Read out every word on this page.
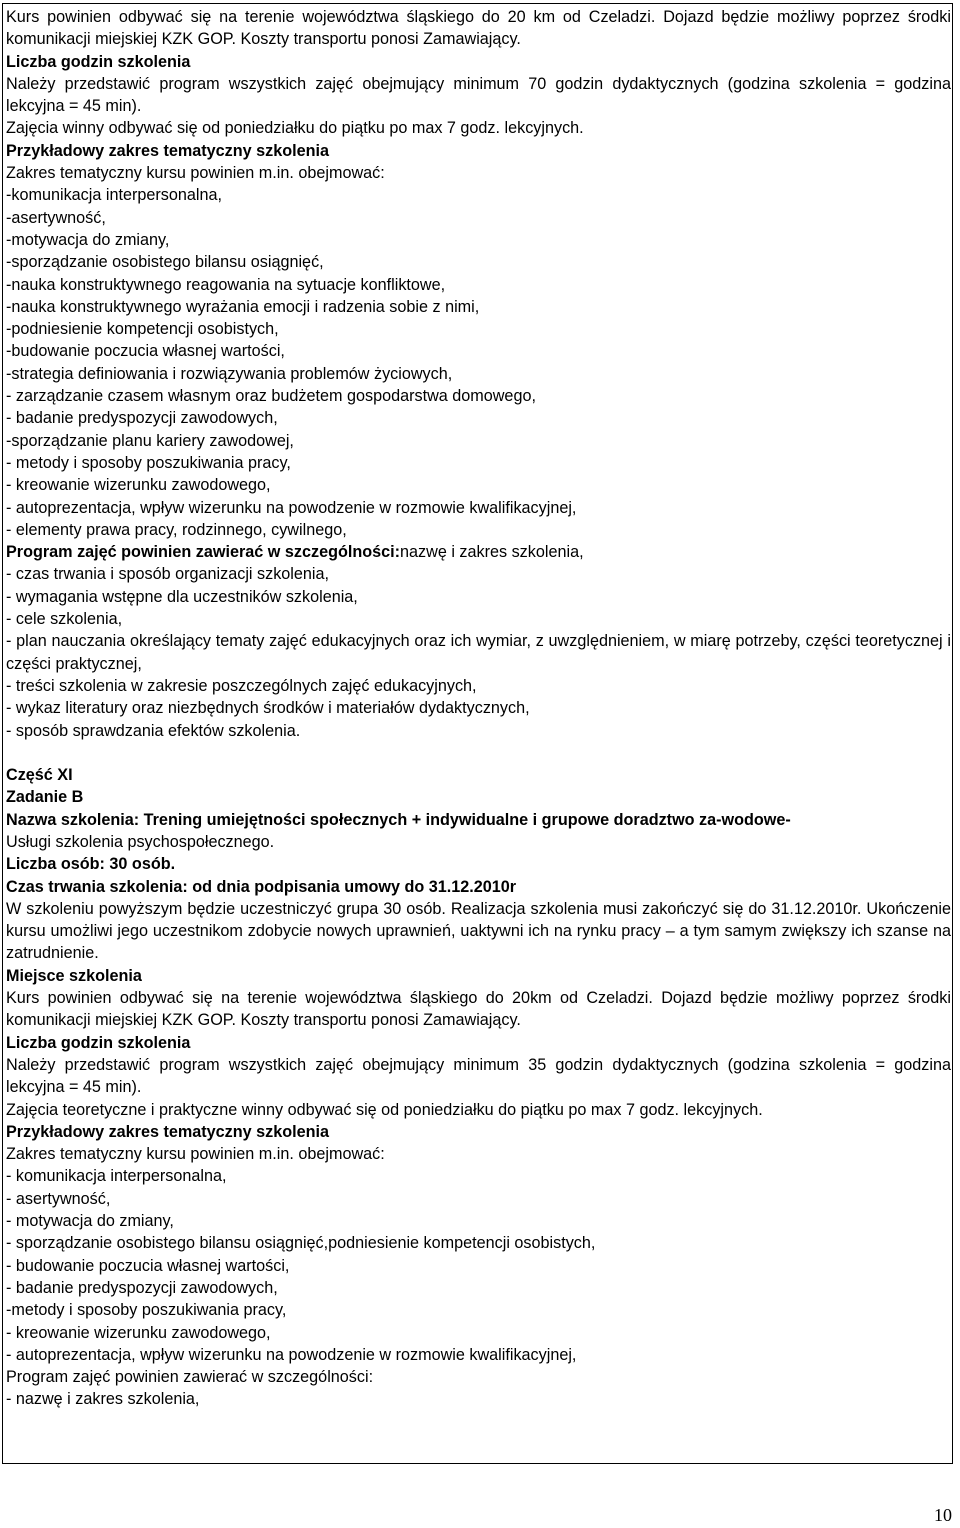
Kurs powinien odbywać się na terenie województwa śląskiego do 20 km od Czeladzi. Dojazd będzie możliwy poprzez środki komunikacji miejskiej KZK GOP. Koszty transportu ponosi Zamawiający.
Liczba godzin szkolenia
Należy przedstawić program wszystkich zajęć obejmujący minimum 70 godzin dydaktycznych (godzina szkolenia = godzina lekcyjna = 45 min).
Zajęcia winny odbywać się od poniedziałku do piątku po max 7 godz. lekcyjnych.
Przykładowy zakres tematyczny szkolenia
Zakres tematyczny kursu powinien m.in. obejmować:
-komunikacja interpersonalna,
-asertywność,
-motywacja do zmiany,
-sporządzanie osobistego bilansu osiągnięć,
-nauka konstruktywnego reagowania na sytuacje konfliktowe,
-nauka konstruktywnego wyrażania emocji i radzenia sobie z nimi,
-podniesienie kompetencji osobistych,
-budowanie poczucia własnej wartości,
-strategia definiowania i rozwiązywania problemów życiowych,
- zarządzanie czasem własnym oraz budżetem gospodarstwa domowego,
- badanie predyspozycji zawodowych,
-sporządzanie planu kariery zawodowej,
- metody i sposoby poszukiwania pracy,
- kreowanie wizerunku zawodowego,
- autoprezentacja, wpływ wizerunku na powodzenie w rozmowie kwalifikacyjnej,
- elementy prawa pracy, rodzinnego, cywilnego,
Program zajęć powinien zawierać w szczególności:nazwę i zakres szkolenia,
- czas trwania i sposób organizacji szkolenia,
- wymagania wstępne dla uczestników szkolenia,
- cele szkolenia,
- plan nauczania określający tematy zajęć edukacyjnych oraz ich wymiar, z uwzględnieniem, w miarę potrzeby, części teoretycznej i części praktycznej,
- treści szkolenia w zakresie poszczególnych zajęć edukacyjnych,
- wykaz literatury oraz niezbędnych środków i materiałów dydaktycznych,
- sposób sprawdzania efektów szkolenia.
Część XI
Zadanie B
Nazwa szkolenia: Trening umiejętności społecznych + indywidualne i grupowe doradztwo za-wodowe-
Usługi szkolenia psychospołecznego.
Liczba osób: 30 osób.
Czas trwania szkolenia: od dnia podpisania umowy do 31.12.2010r
W szkoleniu powyższym będzie uczestniczyć grupa 30 osób. Realizacja szkolenia musi zakończyć się do 31.12.2010r. Ukończenie kursu umożliwi jego uczestnikom zdobycie nowych uprawnień, uaktywni ich na rynku pracy – a tym samym zwiększy ich szanse na zatrudnienie.
Miejsce szkolenia
Kurs powinien odbywać się na terenie województwa śląskiego do 20km od Czeladzi. Dojazd będzie możliwy poprzez środki komunikacji miejskiej KZK GOP. Koszty transportu ponosi Zamawiający.
Liczba godzin szkolenia
Należy przedstawić program wszystkich zajęć obejmujący minimum 35 godzin dydaktycznych (godzina szkolenia = godzina lekcyjna = 45 min).
Zajęcia teoretyczne i praktyczne winny odbywać się od poniedziałku do piątku po max 7 godz. lekcyjnych.
Przykładowy zakres tematyczny szkolenia
Zakres tematyczny kursu powinien m.in. obejmować:
- komunikacja interpersonalna,
- asertywność,
- motywacja do zmiany,
- sporządzanie osobistego bilansu osiągnięć,podniesienie kompetencji osobistych,
- budowanie poczucia własnej wartości,
- badanie predyspozycji zawodowych,
-metody i sposoby poszukiwania pracy,
- kreowanie wizerunku zawodowego,
- autoprezentacja, wpływ wizerunku na powodzenie w rozmowie kwalifikacyjnej,
Program zajęć powinien zawierać w szczególności:
- nazwę i zakres szkolenia,
10
